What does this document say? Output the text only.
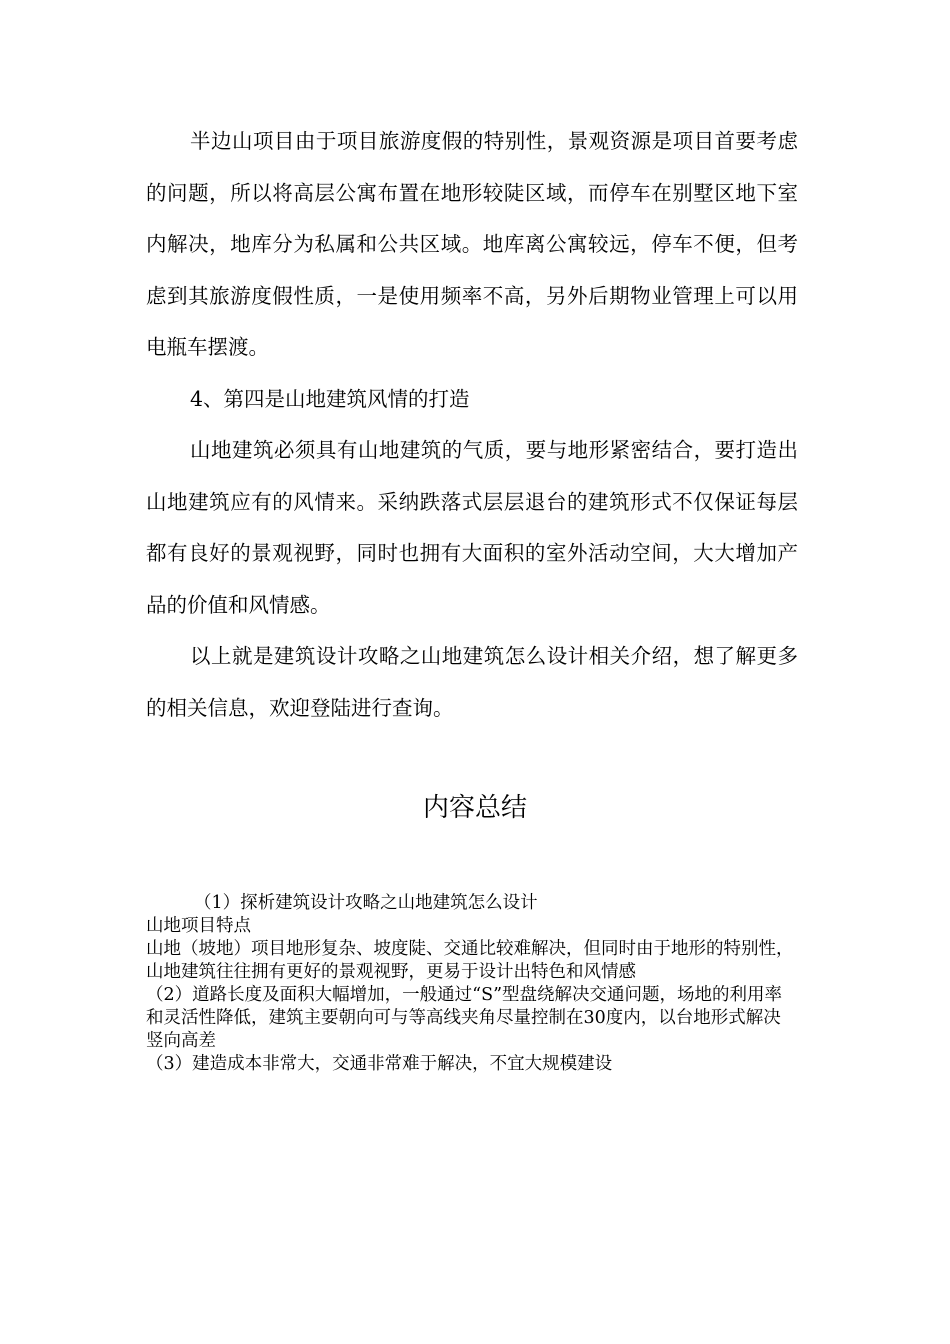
半边山项目由于项目旅游度假的特别性，景观资源是项目首要考虑的问题，所以将高层公寓布置在地形较陡区域，而停车在别墅区地下室内解决，地库分为私属和公共区域。地库离公寓较远，停车不便，但考虑到其旅游度假性质，一是使用频率不高，另外后期物业管理上可以用电瓶车摆渡。

4、第四是山地建筑风情的打造

山地建筑必须具有山地建筑的气质，要与地形紧密结合，要打造出山地建筑应有的风情来。采纳跌落式层层退台的建筑形式不仅保证每层都有良好的景观视野，同时也拥有大面积的室外活动空间，大大增加产品的价值和风情感。

以上就是建筑设计攻略之山地建筑怎么设计相关介绍，想了解更多的相关信息，欢迎登陆进行查询。

内容总结

（1）探析建筑设计攻略之山地建筑怎么设计

山地项目特点

山地（坡地）项目地形复杂、坡度陡、交通比较难解决，但同时由于地形的特别性，山地建筑往往拥有更好的景观视野，更易于设计出特色和风情感

（2）道路长度及面积大幅增加，一般通过“S”型盘绕解决交通问题，场地的利用率和灵活性降低，建筑主要朝向可与等高线夹角尽量控制在30度内，以台地形式解决竖向高差

（3）建造成本非常大，交通非常难于解决，不宜大规模建设
